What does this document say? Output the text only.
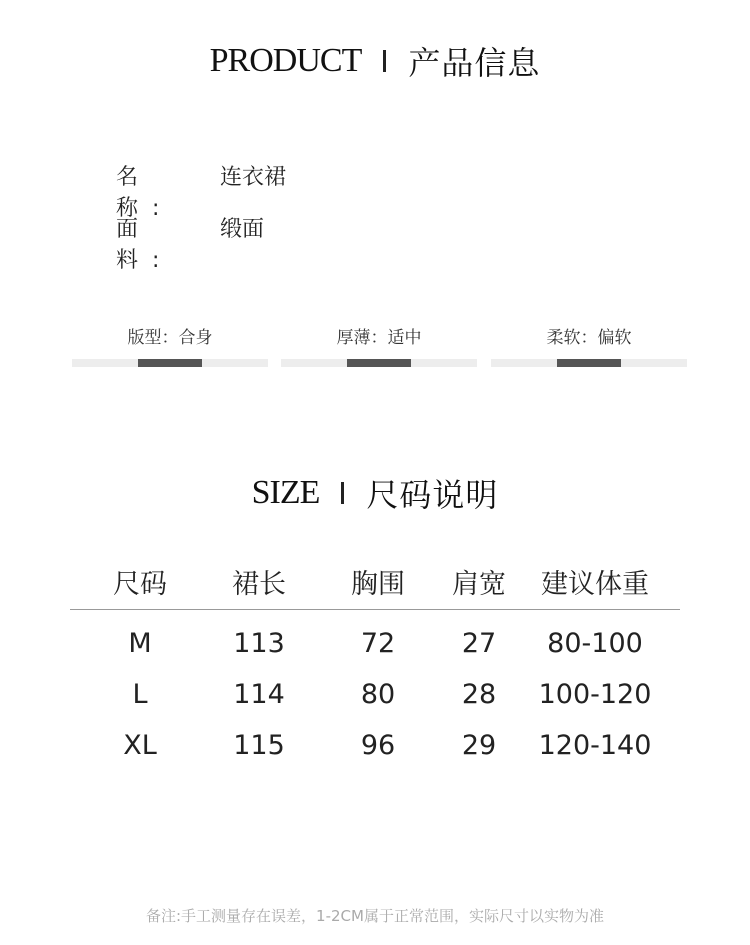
PRODUCT 产品信息
名 称:
连衣裙
面 料:
缎面
版型：合身	厚薄：适中	柔软：偏软
SIZE 尺码说明
尺码	裙长	胸围	肩宽	建议体重
M	113	72	27	80-100
L	114	80	28	100-120
XL	115	96	29	120-140
备注:手工测量存在误差，1-2CM属于正常范围，实际尺寸以实物为准
